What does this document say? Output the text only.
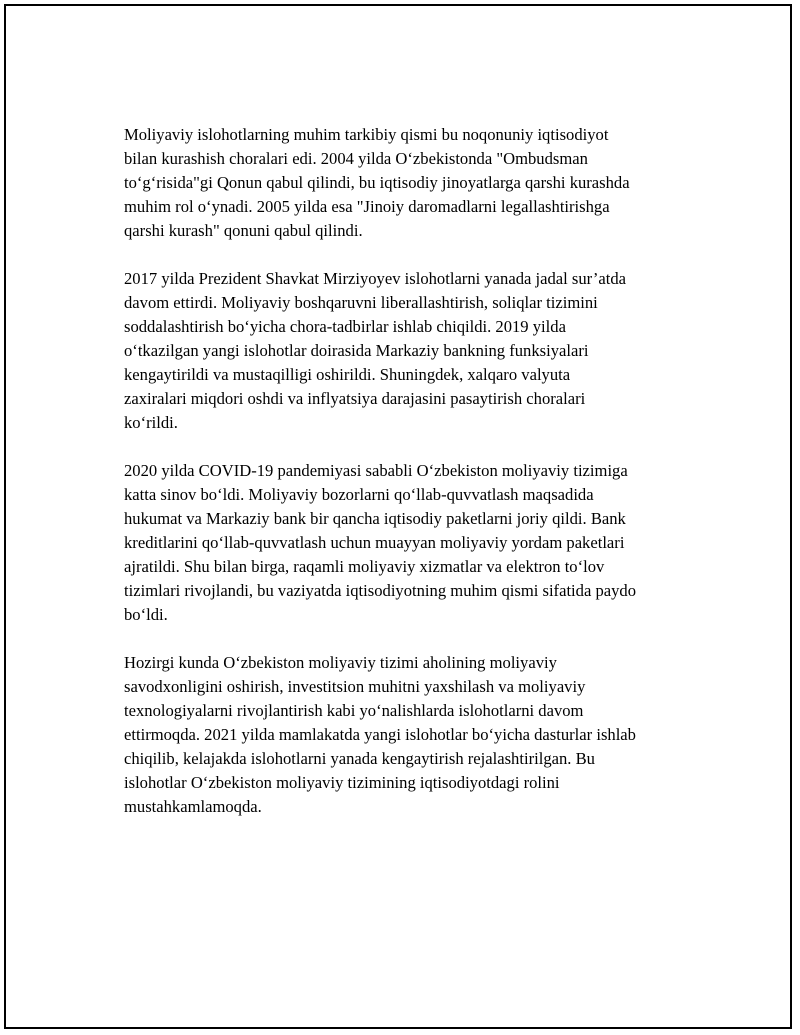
Moliyaviy islohotlarning muhim tarkibiy qismi bu noqonuniy iqtisodiyot
bilan kurashish choralari edi. 2004 yilda O‘zbekistonda "Ombudsman
to‘g‘risida"gi Qonun qabul qilindi, bu iqtisodiy jinoyatlarga qarshi kurashda
muhim rol o‘ynadi. 2005 yilda esa "Jinoiy daromadlarni legallashtirishga
qarshi kurash" qonuni qabul qilindi.

2017 yilda Prezident Shavkat Mirziyoyev islohotlarni yanada jadal sur’atda
davom ettirdi. Moliyaviy boshqaruvni liberallashtirish, soliqlar tizimini
soddalashtirish bo‘yicha chora-tadbirlar ishlab chiqildi. 2019 yilda
o‘tkazilgan yangi islohotlar doirasida Markaziy bankning funksiyalari
kengaytirildi va mustaqilligi oshirildi. Shuningdek, xalqaro valyuta
zaxiralari miqdori oshdi va inflyatsiya darajasini pasaytirish choralari
ko‘rildi.

2020 yilda COVID-19 pandemiyasi sababli O‘zbekiston moliyaviy tizimiga
katta sinov bo‘ldi. Moliyaviy bozorlarni qo‘llab-quvvatlash maqsadida
hukumat va Markaziy bank bir qancha iqtisodiy paketlarni joriy qildi. Bank
kreditlarini qo‘llab-quvvatlash uchun muayyan moliyaviy yordam paketlari
ajratildi. Shu bilan birga, raqamli moliyaviy xizmatlar va elektron to‘lov
tizimlari rivojlandi, bu vaziyatda iqtisodiyotning muhim qismi sifatida paydo
bo‘ldi.

Hozirgi kunda O‘zbekiston moliyaviy tizimi aholining moliyaviy
savodxonligini oshirish, investitsion muhitni yaxshilash va moliyaviy
texnologiyalarni rivojlantirish kabi yo‘nalishlarda islohotlarni davom
ettirmoqda. 2021 yilda mamlakatda yangi islohotlar bo‘yicha dasturlar ishlab
chiqilib, kelajakda islohotlarni yanada kengaytirish rejalashtirilgan. Bu
islohotlar O‘zbekiston moliyaviy tizimining iqtisodiyotdagi rolini
mustahkamlamoqda.
